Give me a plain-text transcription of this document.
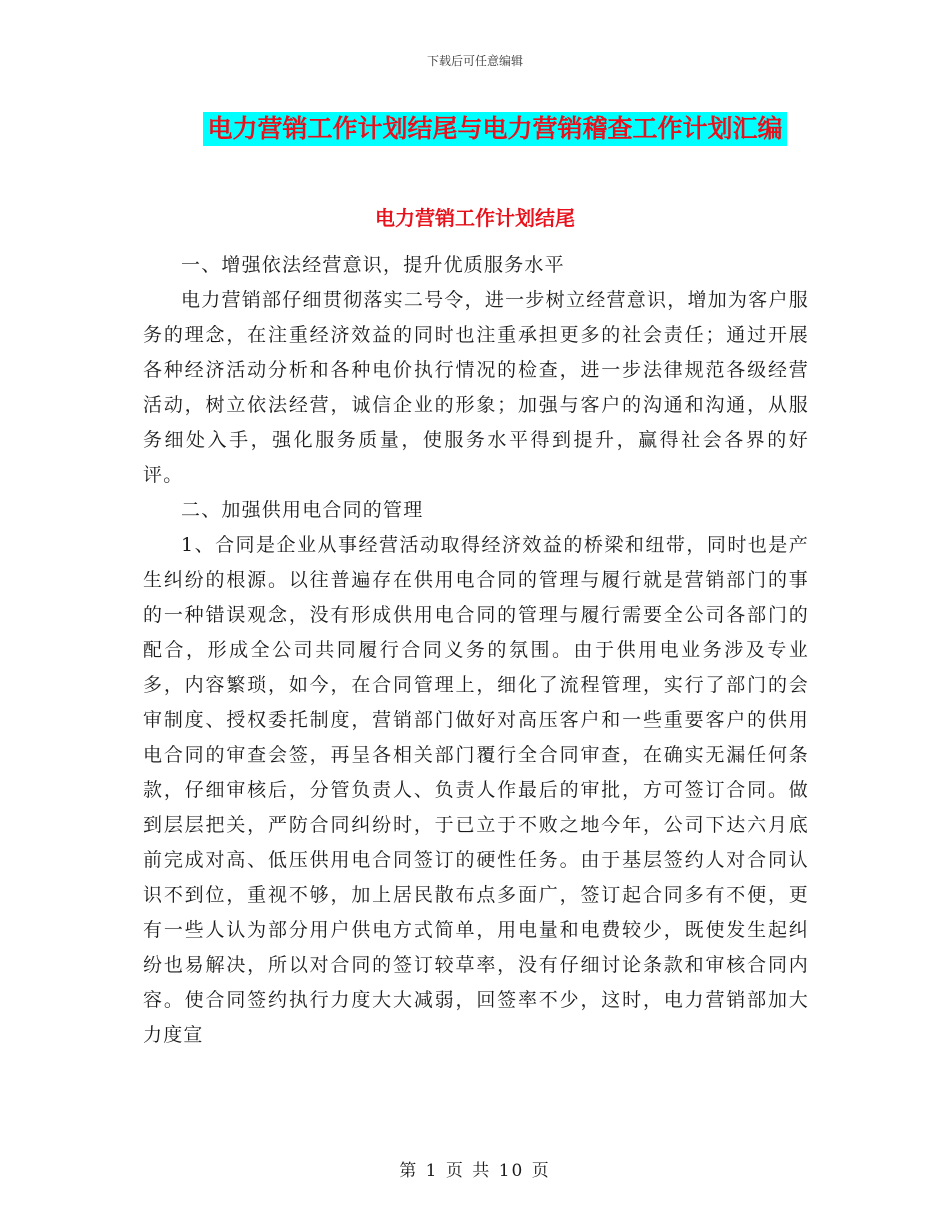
下载后可任意编辑
电力营销工作计划结尾与电力营销稽查工作计划汇编
电力营销工作计划结尾

一、增强依法经营意识，提升优质服务水平

电力营销部仔细贯彻落实二号令，进一步树立经营意识，增加为客户服务的理念，在注重经济效益的同时也注重承担更多的社会责任；通过开展各种经济活动分析和各种电价执行情况的检查，进一步法律规范各级经营活动，树立依法经营，诚信企业的形象；加强与客户的沟通和沟通，从服务细处入手，强化服务质量，使服务水平得到提升，赢得社会各界的好评。

二、加强供用电合同的管理

1、合同是企业从事经营活动取得经济效益的桥梁和纽带，同时也是产生纠纷的根源。以往普遍存在供用电合同的管理与履行就是营销部门的事的一种错误观念，没有形成供用电合同的管理与履行需要全公司各部门的配合，形成全公司共同履行合同义务的氛围。由于供用电业务涉及专业多，内容繁琐，如今，在合同管理上，细化了流程管理，实行了部门的会审制度、授权委托制度，营销部门做好对高压客户和一些重要客户的供用电合同的审查会签，再呈各相关部门覆行全合同审查，在确实无漏任何条款，仔细审核后，分管负责人、负责人作最后的审批，方可签订合同。做到层层把关，严防合同纠纷时，于已立于不败之地今年，公司下达六月底前完成对高、低压供用电合同签订的硬性任务。由于基层签约人对合同认识不到位，重视不够，加上居民散布点多面广，签订起合同多有不便，更有一些人认为部分用户供电方式简单，用电量和电费较少，既使发生起纠纷也易解决，所以对合同的签订较草率，没有仔细讨论条款和审核合同内容。使合同签约执行力度大大减弱，回签率不少，这时，电力营销部加大力度宣

第 1 页 共 10 页
